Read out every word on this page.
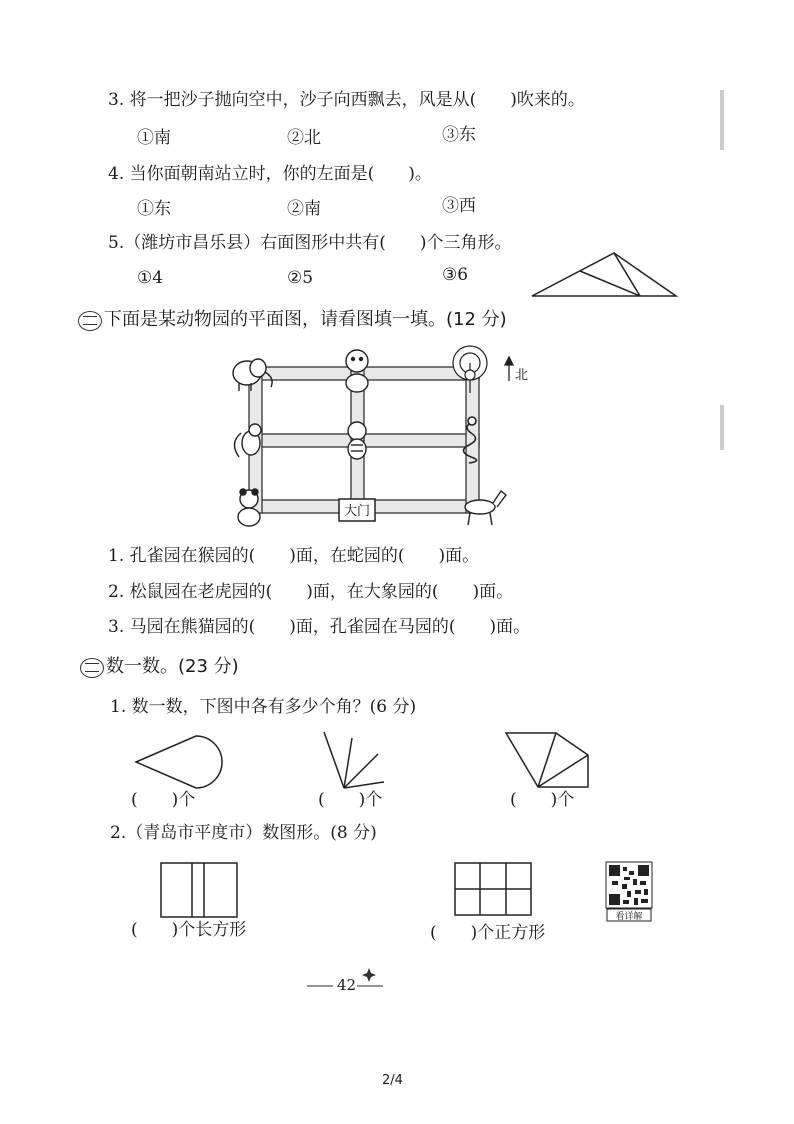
3. 将一把沙子抛向空中，沙子向西飘去，风是从(　　)吹来的。
①南	②北	③东
4. 当你面朝南站立时，你的左面是(　　)。
①东	②南	③西
5.（潍坊市昌乐县）右面图形中共有(　　)个三角形。
①4	②5	③6
下面是某动物园的平面图，请看图填一填。(12 分)
大门
北
1. 孔雀园在猴园的(　　)面，在蛇园的(　　)面。
2. 松鼠园在老虎园的(　　)面，在大象园的(　　)面。
3. 马园在熊猫园的(　　)面，孔雀园在马园的(　　)面。
数一数。(23 分)
1. 数一数，下图中各有多少个角？(6 分)
(　　)个	(　　)个	(　　)个
2.（青岛市平度市）数图形。(8 分)
(　　)个长方形	(　　)个正方形
看详解
42
2/4
